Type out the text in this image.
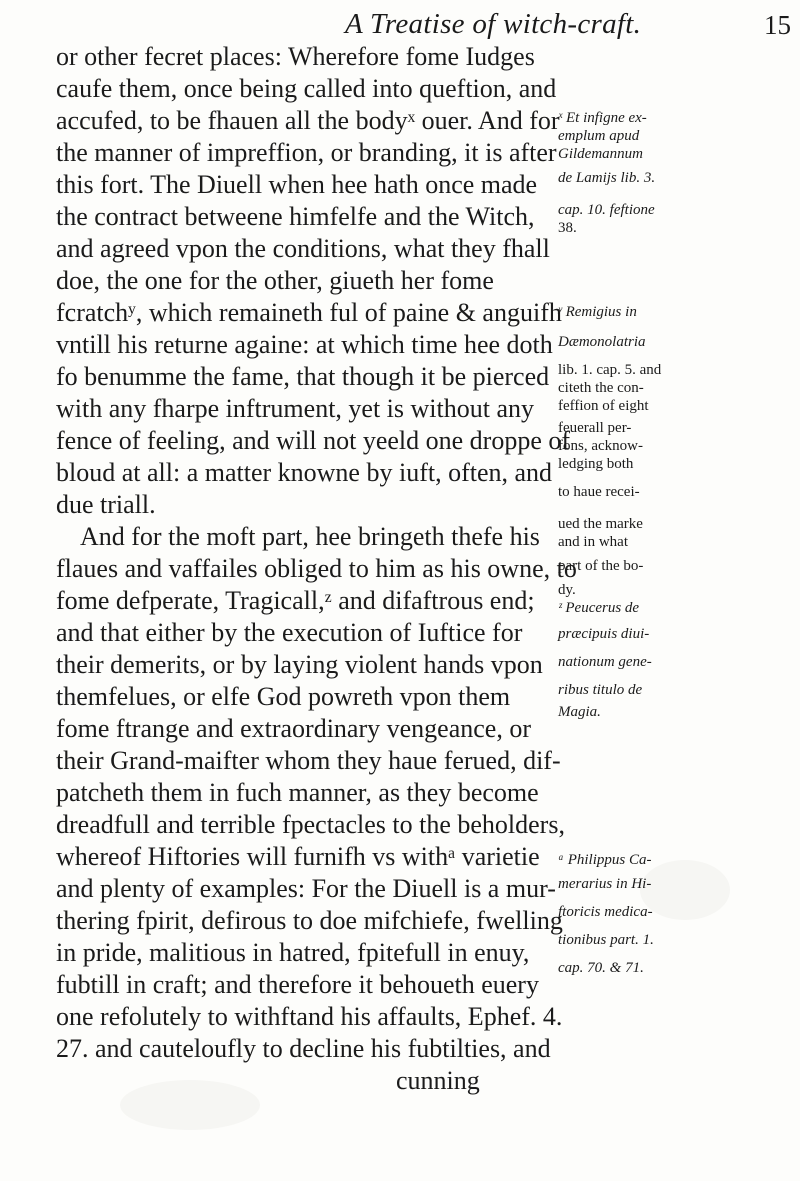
A Treatise of witch-craft.	15
or other fecret places: Wherefore fome Iudges
caufe them, once being called into queftion, and
accufed, to be fhauen all the bodyˣ ouer. And for
the manner of impreffion, or branding, it is after
this fort. The Diuell when hee hath once made
the contract betweene himfelfe and the Witch,
and agreed vpon the conditions, what they fhall
doe, the one for the other, giueth her fome
fcratchʸ, which remaineth ful of paine & anguifh
vntill his returne againe: at which time hee doth
fo benumme the fame, that though it be pierced
with any fharpe inftrument, yet is without any
fence of feeling, and will not yeeld one droppe of
bloud at all: a matter knowne by iuft, often, and
due triall.
And for the moft part, hee bringeth thefe his
flaues and vaffailes obliged to him as his owne, to
fome defperate, Tragicall,ᶻ and difaftrous end;
and that either by the execution of Iuftice for
their demerits, or by laying violent hands vpon
themfelues, or elfe God powreth vpon them
fome ftrange and extraordinary vengeance, or
their Grand-maifter whom they haue ferued, dif-
patcheth them in fuch manner, as they become
dreadfull and terrible fpectacles to the beholders,
whereof Hiftories will furnifh vs withᵃ varietie
and plenty of examples: For the Diuell is a mur-
thering fpirit, defirous to doe mifchiefe, fwelling
in pride, malitious in hatred, fpitefull in enuy,
fubtill in craft; and therefore it behoueth euery
one refolutely to withftand his affaults, Ephef. 4.
27. and cauteloufly to decline his fubtilties, and
cunning
ˣ Et infigne ex-
emplum apud
Gildemannum
de Lamijs lib. 3.
cap. 10. feftione
38.
ʸ Remigius in
Dæmonolatria
lib. 1. cap. 5. and
citeth the con-
feffion of eight
feuerall per-
fons, acknow-
ledging both
to haue recei-
ued the marke
and in what
part of the bo-
dy.
ᶻ Peucerus de
præcipuis diui-
nationum gene-
ribus titulo de
Magia.
ᵃ Philippus Ca-
merarius in Hi-
ftoricis medica-
tionibus part. 1.
cap. 70. & 71.
